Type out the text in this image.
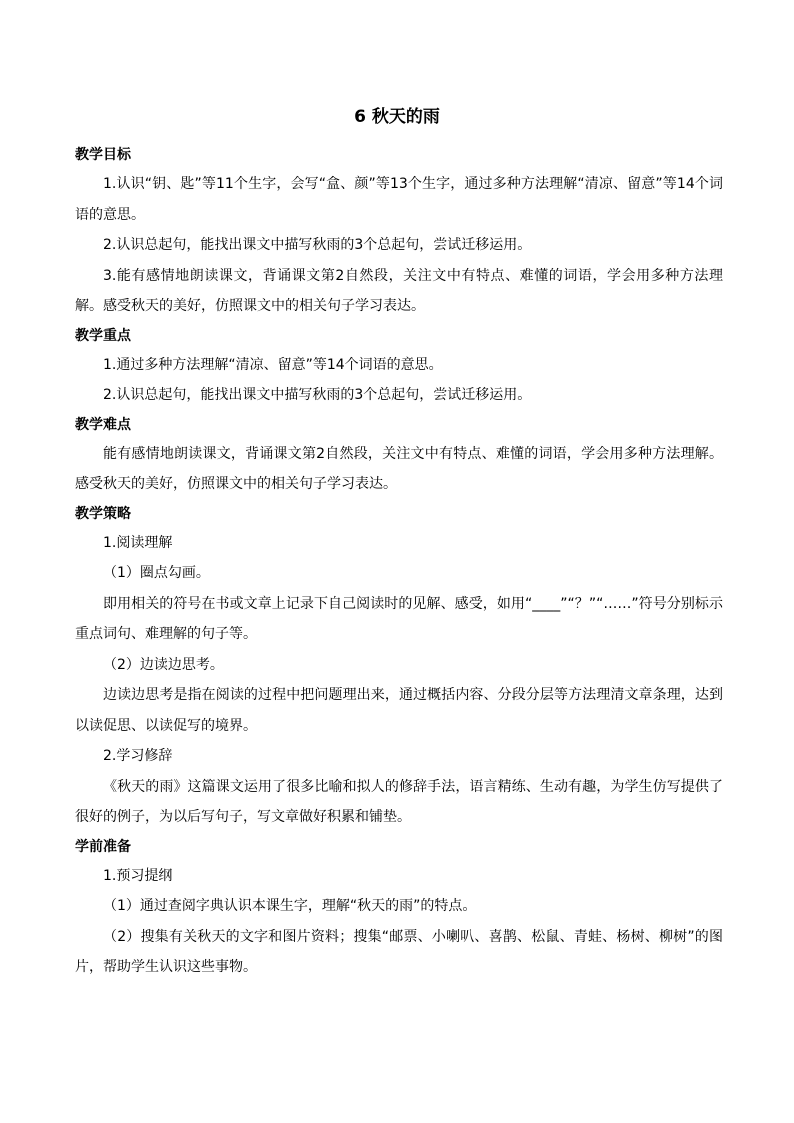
6 秋天的雨
教学目标

1.认识“钥、匙”等11个生字，会写“盒、颜”等13个生字，通过多种方法理解“清凉、留意”等14个词语的意思。

2.认识总起句，能找出课文中描写秋雨的3个总起句，尝试迁移运用。

3.能有感情地朗读课文，背诵课文第2自然段，关注文中有特点、难懂的词语，学会用多种方法理解。感受秋天的美好，仿照课文中的相关句子学习表达。

教学重点

1.通过多种方法理解“清凉、留意”等14个词语的意思。

2.认识总起句，能找出课文中描写秋雨的3个总起句，尝试迁移运用。

教学难点

能有感情地朗读课文，背诵课文第2自然段，关注文中有特点、难懂的词语，学会用多种方法理解。感受秋天的美好，仿照课文中的相关句子学习表达。

教学策略

1.阅读理解

（1）圈点勾画。

即用相关的符号在书或文章上记录下自己阅读时的见解、感受，如用“____”“？”“……”符号分别标示重点词句、难理解的句子等。

（2）边读边思考。

边读边思考是指在阅读的过程中把问题理出来，通过概括内容、分段分层等方法理清文章条理，达到以读促思、以读促写的境界。

2.学习修辞

《秋天的雨》这篇课文运用了很多比喻和拟人的修辞手法，语言精练、生动有趣，为学生仿写提供了很好的例子，为以后写句子，写文章做好积累和铺垫。

学前准备

1.预习提纲

（1）通过查阅字典认识本课生字，理解“秋天的雨”的特点。

（2）搜集有关秋天的文字和图片资料；搜集“邮票、小喇叭、喜鹊、松鼠、青蛙、杨树、柳树”的图片，帮助学生认识这些事物。
